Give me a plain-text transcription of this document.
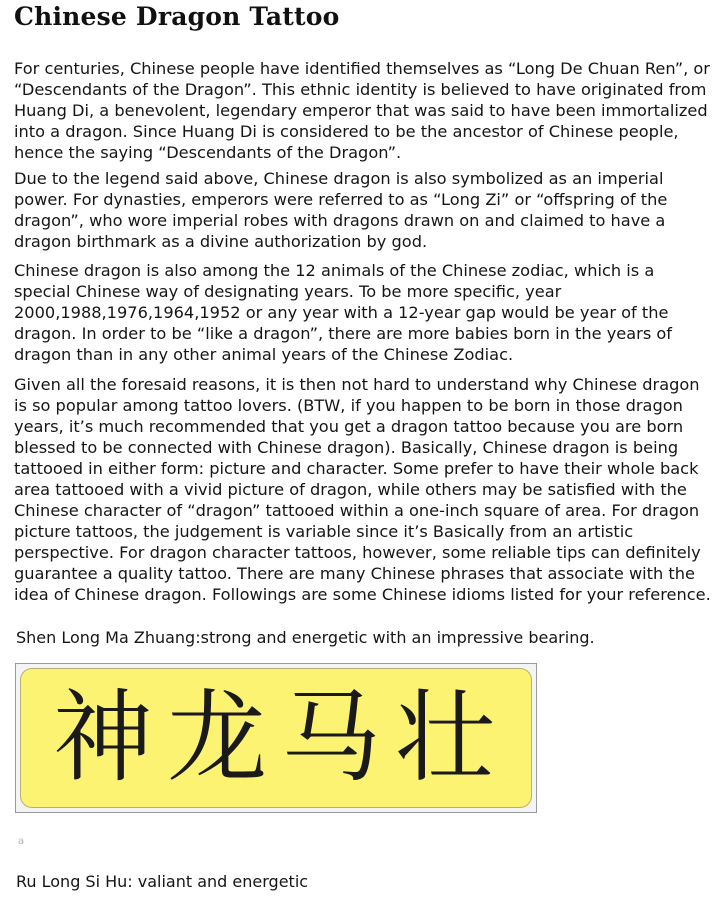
Chinese Dragon Tattoo

For centuries, Chinese people have identified themselves as “Long De Chuan Ren”, or “Descendants of the Dragon”. This ethnic identity is believed to have originated from Huang Di, a benevolent, legendary emperor that was said to have been immortalized into a dragon. Since Huang Di is considered to be the ancestor of Chinese people, hence the saying “Descendants of the Dragon”.

Due to the legend said above, Chinese dragon is also symbolized as an imperial power. For dynasties, emperors were referred to as “Long Zi” or “offspring of the dragon”, who wore imperial robes with dragons drawn on and claimed to have a dragon birthmark as a divine authorization by god.

Chinese dragon is also among the 12 animals of the Chinese zodiac, which is a special Chinese way of designating years. To be more specific, year 2000,1988,1976,1964,1952 or any year with a 12-year gap would be year of the dragon. In order to be “like a dragon”, there are more babies born in the years of dragon than in any other animal years of the Chinese Zodiac.

Given all the foresaid reasons, it is then not hard to understand why Chinese dragon is so popular among tattoo lovers. (BTW, if you happen to be born in those dragon years, it’s much recommended that you get a dragon tattoo because you are born blessed to be connected with Chinese dragon). Basically, Chinese dragon is being tattooed in either form: picture and character. Some prefer to have their whole back area tattooed with a vivid picture of dragon, while others may be satisfied with the Chinese character of “dragon” tattooed within a one-inch square of area. For dragon picture tattoos, the judgement is variable since it’s Basically from an artistic perspective. For dragon character tattoos, however, some reliable tips can definitely guarantee a quality tattoo. There are many Chinese phrases that associate with the idea of Chinese dragon. Followings are some Chinese idioms listed for your reference.

Shen Long Ma Zhuang:strong and energetic with an impressive bearing.
神龙马壮
a
Ru Long Si Hu: valiant and energetic
